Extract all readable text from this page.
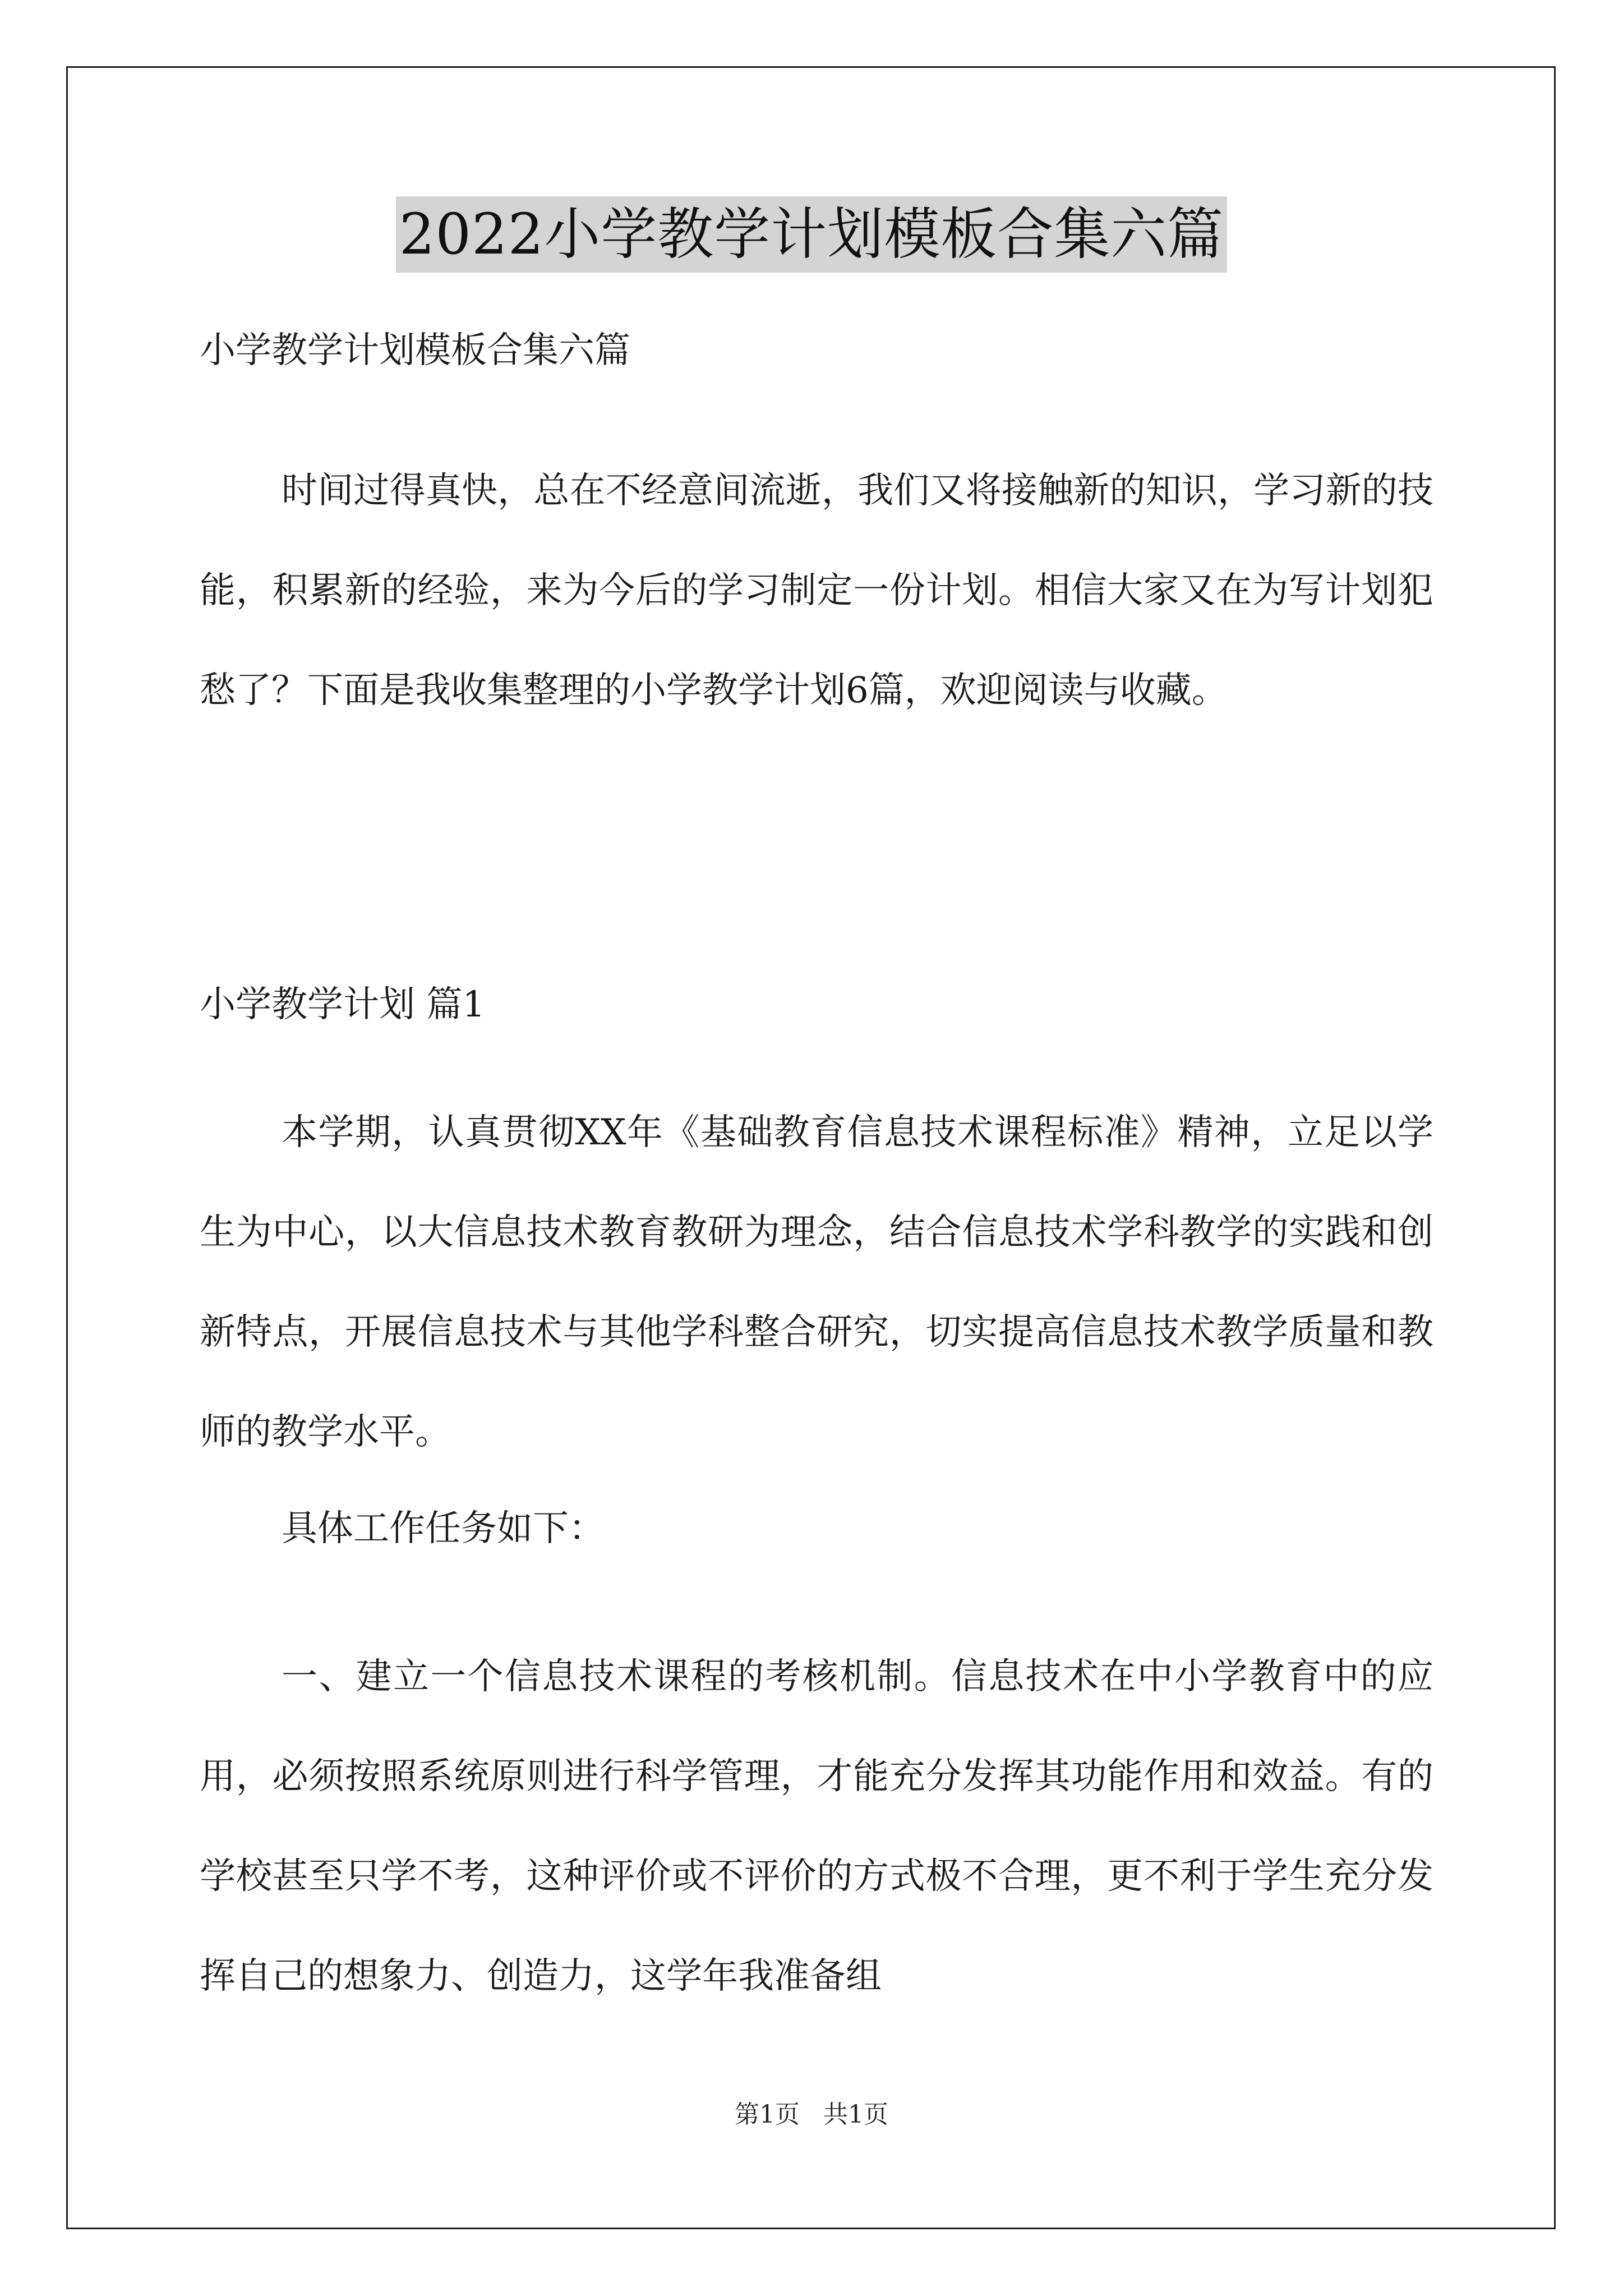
2022小学教学计划模板合集六篇
小学教学计划模板合集六篇

时间过得真快，总在不经意间流逝，我们又将接触新的知识，学习新的技能，积累新的经验，来为今后的学习制定一份计划。相信大家又在为写计划犯愁了？下面是我收集整理的小学教学计划6篇，欢迎阅读与收藏。

小学教学计划 篇1

本学期，认真贯彻XX年《基础教育信息技术课程标准》精神，立足以学生为中心，以大信息技术教育教研为理念，结合信息技术学科教学的实践和创新特点，开展信息技术与其他学科整合研究，切实提高信息技术教学质量和教师的教学水平。

具体工作任务如下：

一、建立一个信息技术课程的考核机制。信息技术在中小学教育中的应用，必须按照系统原则进行科学管理，才能充分发挥其功能作用和效益。有的学校甚至只学不考，这种评价或不评价的方式极不合理，更不利于学生充分发挥自己的想象力、创造力，这学年我准备组

第1页 共1页
